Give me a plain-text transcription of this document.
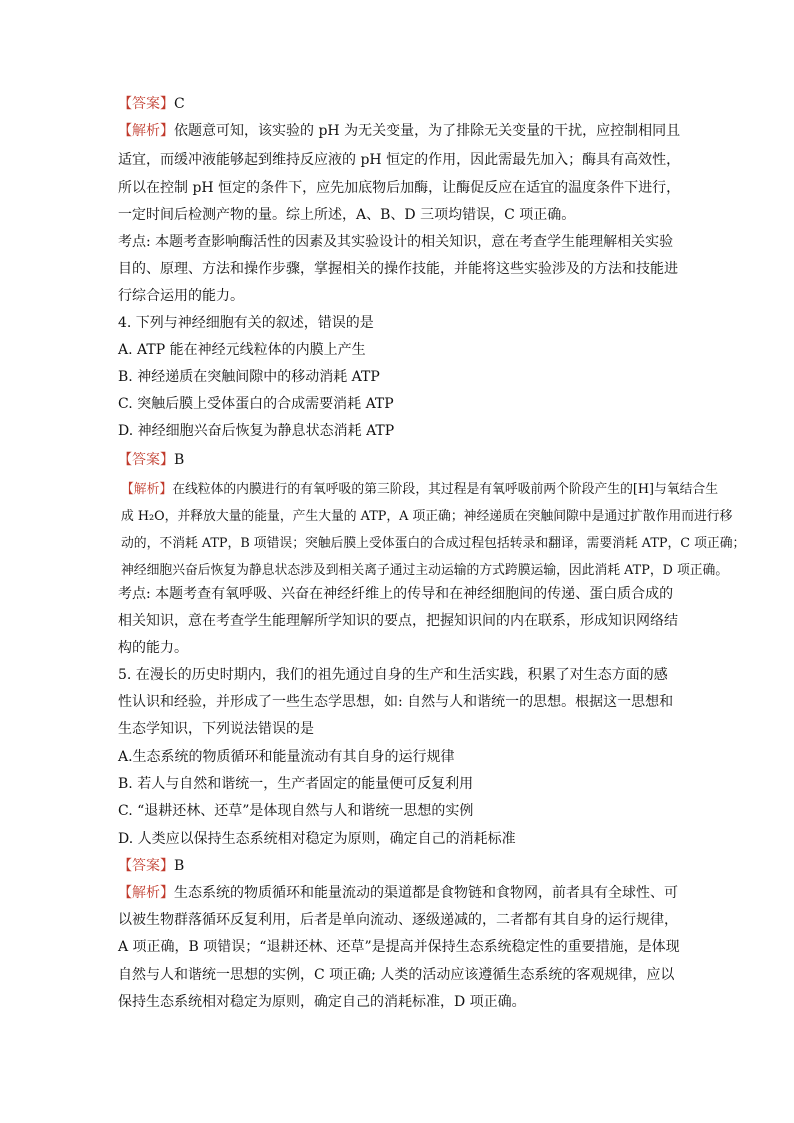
【答案】C
【解析】依题意可知，该实验的 pH 为无关变量，为了排除无关变量的干扰，应控制相同且
适宜，而缓冲液能够起到维持反应液的 pH 恒定的作用，因此需最先加入；酶具有高效性，
所以在控制 pH 恒定的条件下，应先加底物后加酶，让酶促反应在适宜的温度条件下进行，
一定时间后检测产物的量。综上所述，A、B、D 三项均错误，C 项正确。
考点: 本题考查影响酶活性的因素及其实验设计的相关知识，意在考查学生能理解相关实验
目的、原理、方法和操作步骤，掌握相关的操作技能，并能将这些实验涉及的方法和技能进
行综合运用的能力。
4. 下列与神经细胞有关的叙述，错误的是
A. ATP 能在神经元线粒体的内膜上产生
B. 神经递质在突触间隙中的移动消耗 ATP
C. 突触后膜上受体蛋白的合成需要消耗 ATP
D. 神经细胞兴奋后恢复为静息状态消耗 ATP
【答案】B
【解析】在线粒体的内膜进行的有氧呼吸的第三阶段，其过程是有氧呼吸前两个阶段产生的[H]与氧结合生
成 H₂O，并释放大量的能量，产生大量的 ATP，A 项正确；神经递质在突触间隙中是通过扩散作用而进行移
动的，不消耗 ATP，B 项错误；突触后膜上受体蛋白的合成过程包括转录和翻译，需要消耗 ATP，C 项正确；
神经细胞兴奋后恢复为静息状态涉及到相关离子通过主动运输的方式跨膜运输，因此消耗 ATP，D 项正确。
考点: 本题考查有氧呼吸、兴奋在神经纤维上的传导和在神经细胞间的传递、蛋白质合成的
相关知识，意在考查学生能理解所学知识的要点，把握知识间的内在联系，形成知识网络结
构的能力。
5. 在漫长的历史时期内，我们的祖先通过自身的生产和生活实践，积累了对生态方面的感
性认识和经验，并形成了一些生态学思想，如: 自然与人和谐统一的思想。根据这一思想和
生态学知识，下列说法错误的是
A.生态系统的物质循环和能量流动有其自身的运行规律
B. 若人与自然和谐统一，生产者固定的能量便可反复利用
C. “退耕还林、还草”是体现自然与人和谐统一思想的实例
D. 人类应以保持生态系统相对稳定为原则，确定自己的消耗标准
【答案】B
【解析】生态系统的物质循环和能量流动的渠道都是食物链和食物网，前者具有全球性、可
以被生物群落循环反复利用，后者是单向流动、逐级递减的，二者都有其自身的运行规律，
A 项正确，B 项错误；“退耕还林、还草”是提高并保持生态系统稳定性的重要措施，是体现
自然与人和谐统一思想的实例，C 项正确; 人类的活动应该遵循生态系统的客观规律，应以
保持生态系统相对稳定为原则，确定自己的消耗标准，D 项正确。
